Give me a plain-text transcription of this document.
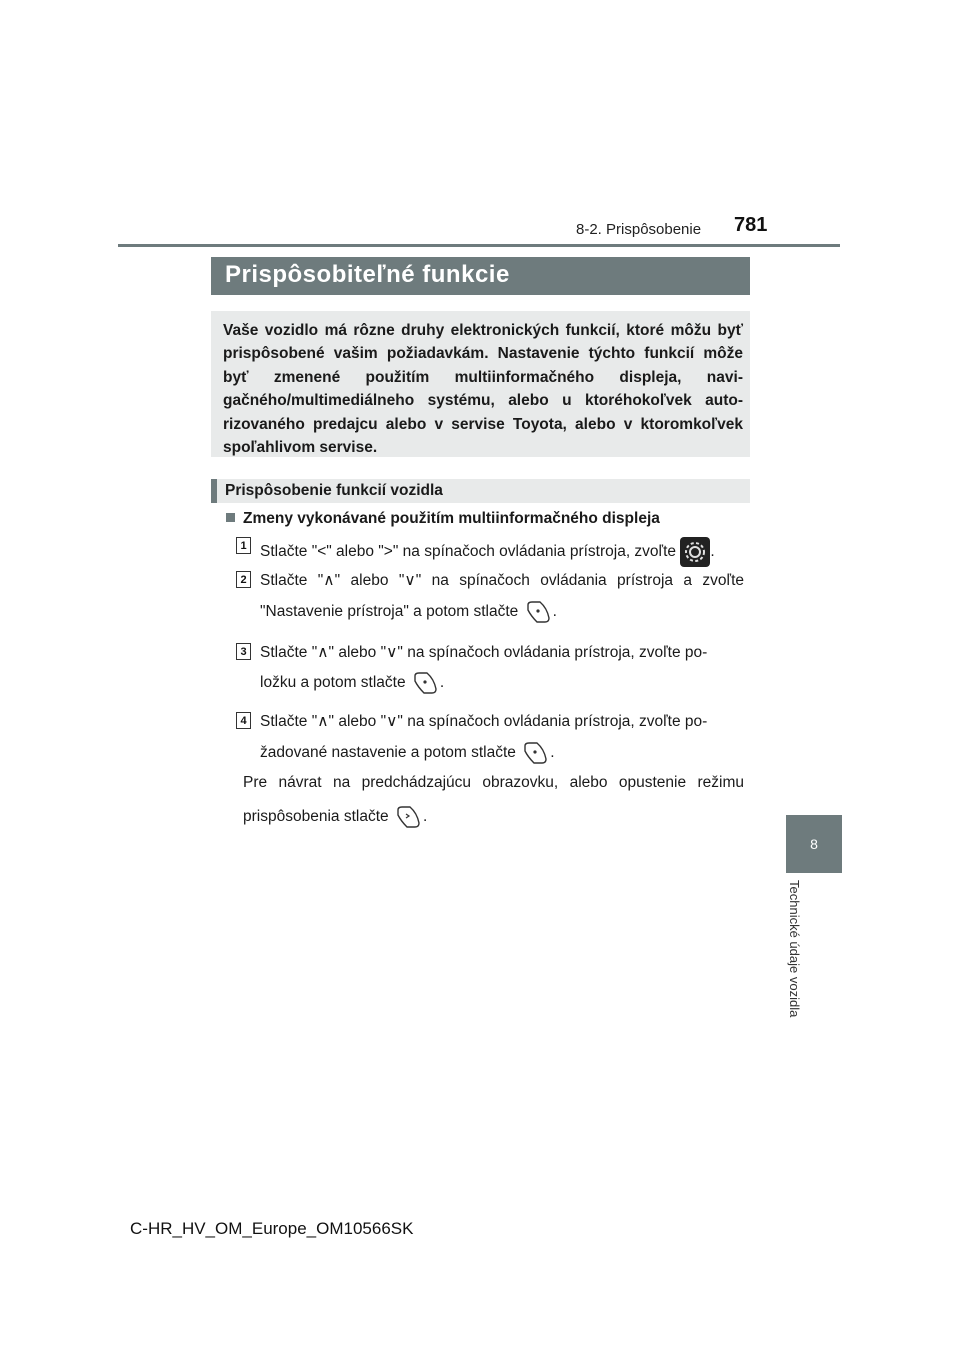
8-2. Prispôsobenie 781
8
Technické údaje vozidla
Prispôsobiteľné funkcie

Vaše vozidlo má rôzne druhy elektronických funkcií, ktoré môžu byť prispôsobené vašim požiadavkám. Nastavenie týchto funkcií môže byť zmenené použitím multiinformačného displeja, navigačného/multimediálneho systému, alebo u ktoréhokoľvek autorizovaného predajcu alebo v servise Toyota, alebo v ktoromkoľvek spoľahlivom servise.

Prispôsobenie funkcií vozidla
Zmeny vykonávané použitím multiinformačného displeja
1 Stlačte "<" alebo ">" na spínačoch ovládania prístroja, zvoľte .
2 Stlačte "∧" alebo "∨" na spínačoch ovládania prístroja a zvoľte
"Nastavenie prístroja" a potom stlačte .
3 Stlačte "∧" alebo "∨" na spínačoch ovládania prístroja, zvoľte po-
ložku a potom stlačte .
4 Stlačte "∧" alebo "∨" na spínačoch ovládania prístroja, zvoľte po-
žadované nastavenie a potom stlačte .
Pre návrat na predchádzajúcu obrazovku, alebo opustenie režimu
prispôsobenia stlačte .
C-HR_HV_OM_Europe_OM10566SK
